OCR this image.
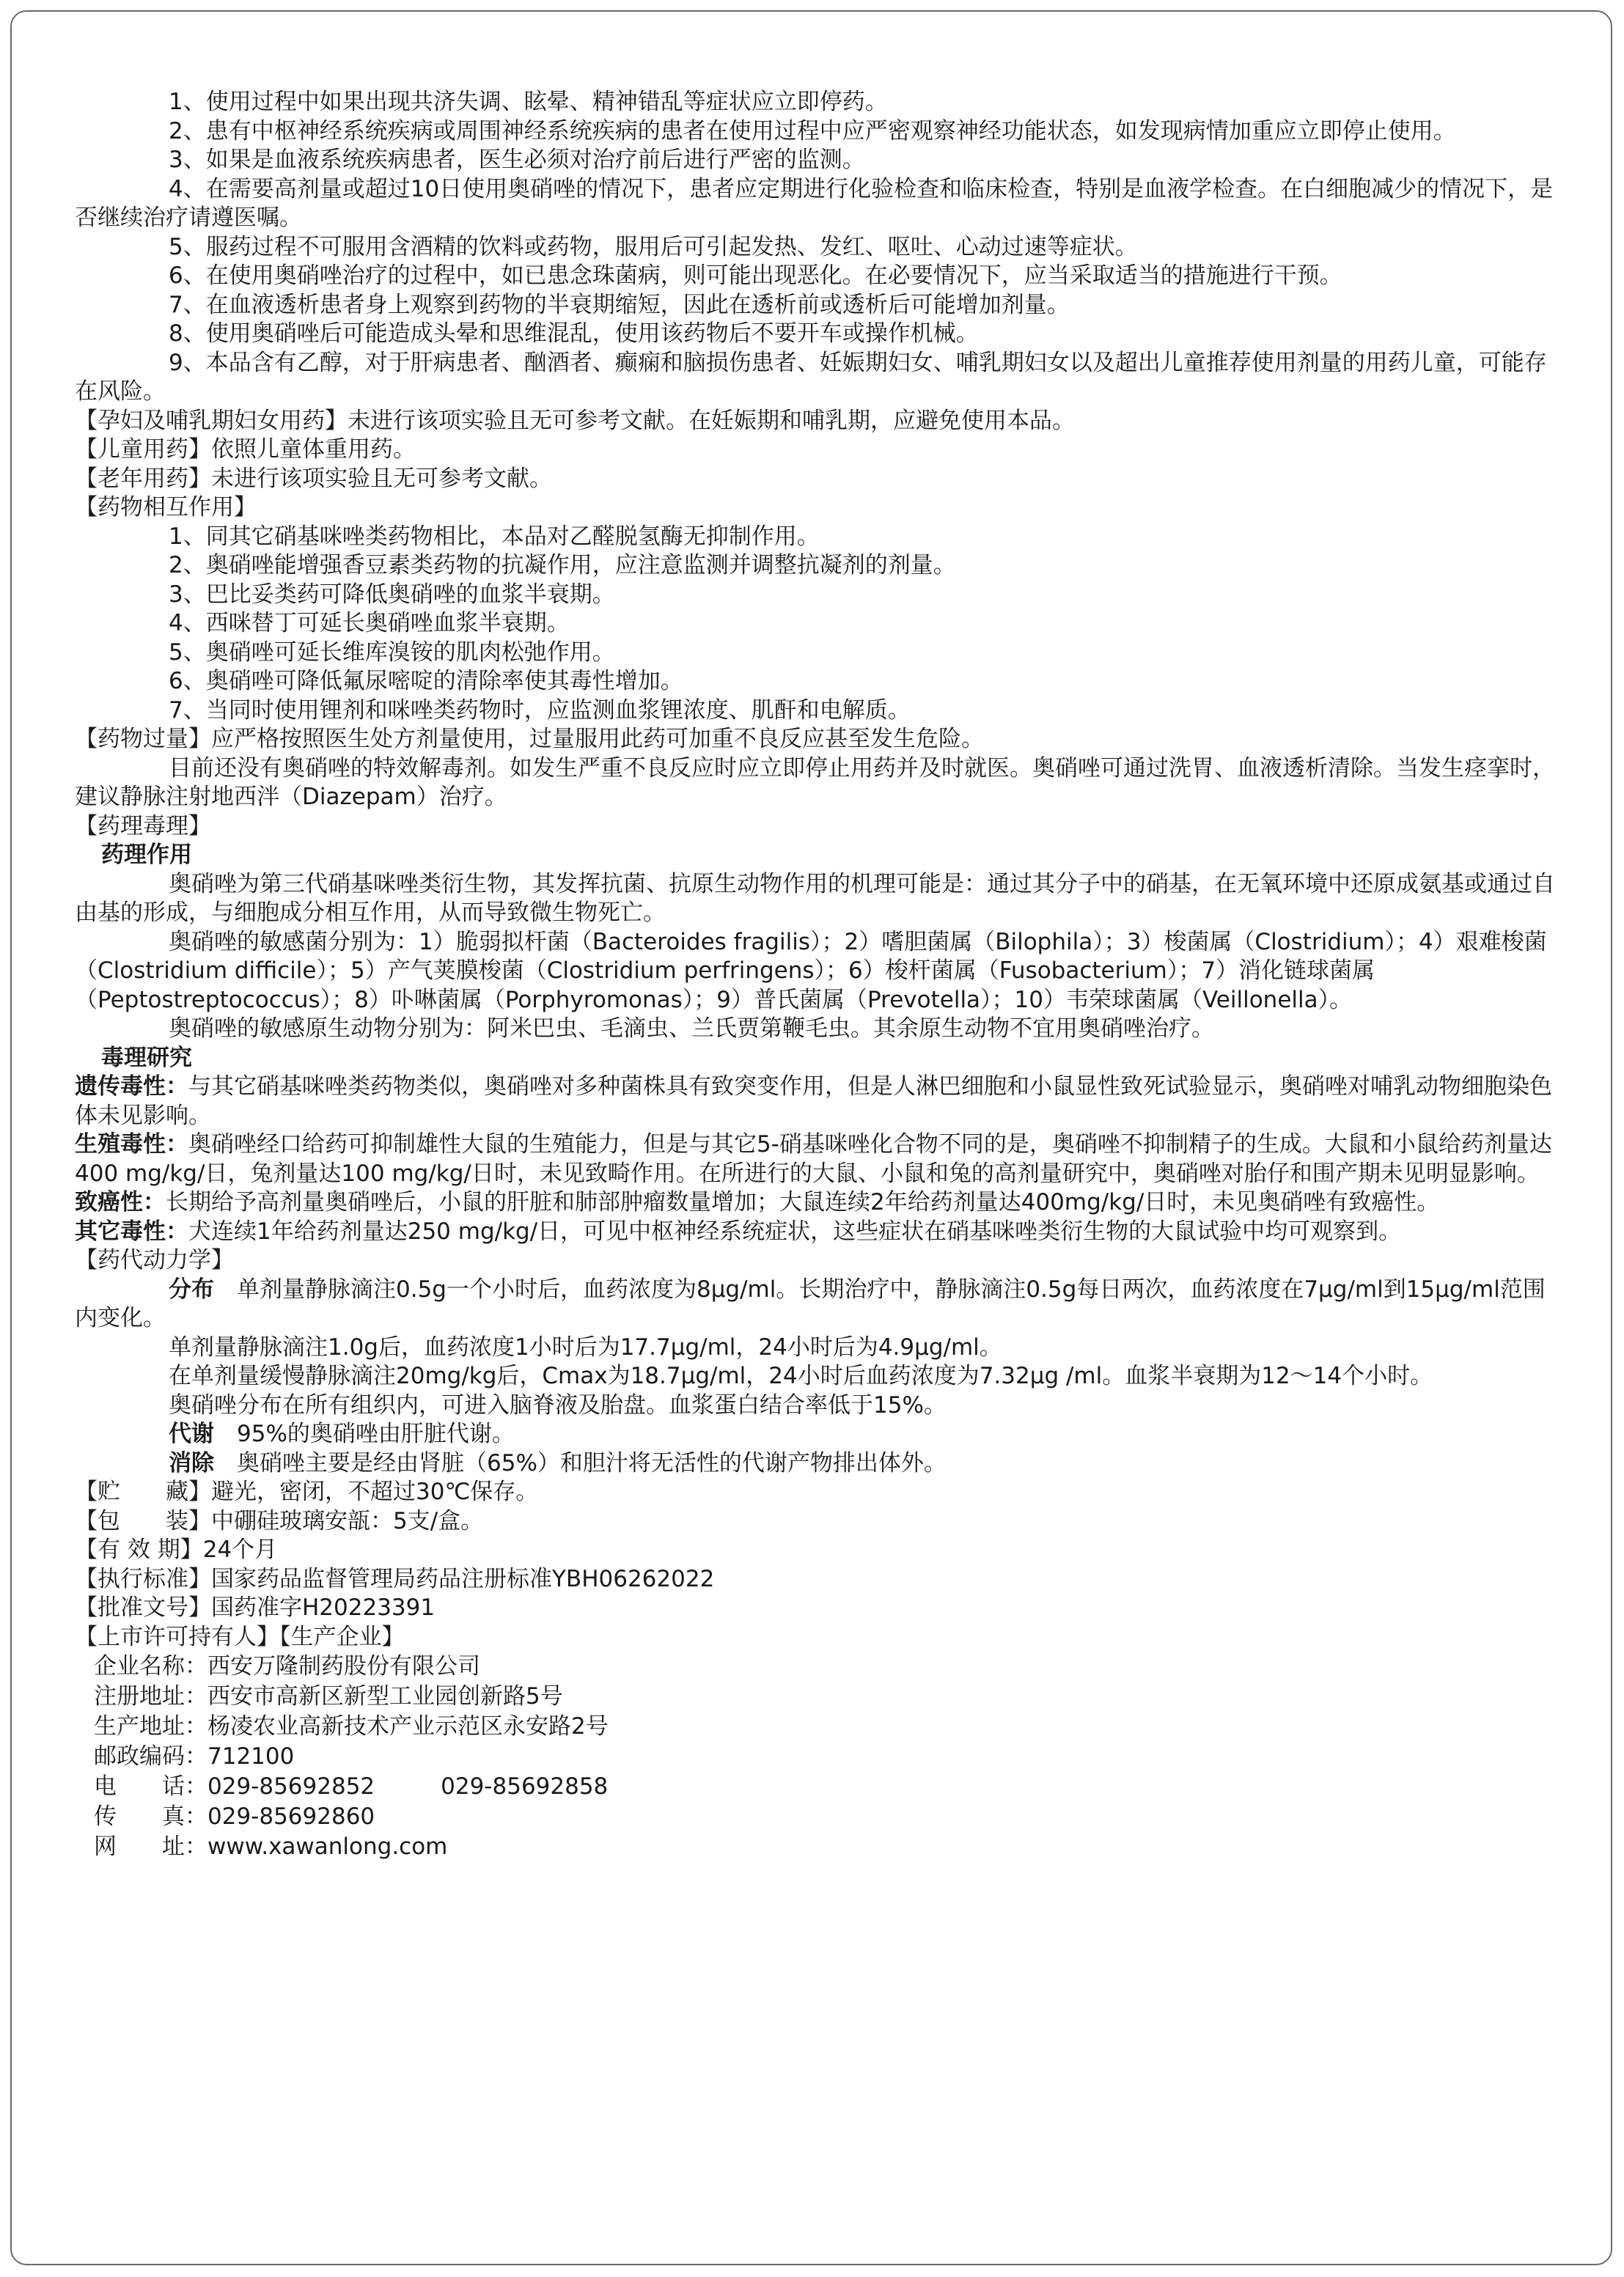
1、使用过程中如果出现共济失调、眩晕、精神错乱等症状应立即停药。

2、患有中枢神经系统疾病或周围神经系统疾病的患者在使用过程中应严密观察神经功能状态，如发现病情加重应立即停止使用。

3、如果是血液系统疾病患者，医生必须对治疗前后进行严密的监测。

4、在需要高剂量或超过10日使用奥硝唑的情况下，患者应定期进行化验检查和临床检查，特别是血液学检查。在白细胞减少的情况下，是否继续治疗请遵医嘱。

5、服药过程不可服用含酒精的饮料或药物，服用后可引起发热、发红、呕吐、心动过速等症状。

6、在使用奥硝唑治疗的过程中，如已患念珠菌病，则可能出现恶化。在必要情况下，应当采取适当的措施进行干预。

7、在血液透析患者身上观察到药物的半衰期缩短，因此在透析前或透析后可能增加剂量。

8、使用奥硝唑后可能造成头晕和思维混乱，使用该药物后不要开车或操作机械。

9、本品含有乙醇，对于肝病患者、酗酒者、癫痫和脑损伤患者、妊娠期妇女、哺乳期妇女以及超出儿童推荐使用剂量的用药儿童，可能存在风险。

【孕妇及哺乳期妇女用药】未进行该项实验且无可参考文献。在妊娠期和哺乳期，应避免使用本品。

【儿童用药】依照儿童体重用药。

【老年用药】未进行该项实验且无可参考文献。

【药物相互作用】

1、同其它硝基咪唑类药物相比，本品对乙醛脱氢酶无抑制作用。

2、奥硝唑能增强香豆素类药物的抗凝作用，应注意监测并调整抗凝剂的剂量。

3、巴比妥类药可降低奥硝唑的血浆半衰期。

4、西咪替丁可延长奥硝唑血浆半衰期。

5、奥硝唑可延长维库溴铵的肌肉松弛作用。

6、奥硝唑可降低氟尿嘧啶的清除率使其毒性增加。

7、当同时使用锂剂和咪唑类药物时，应监测血浆锂浓度、肌酐和电解质。

【药物过量】应严格按照医生处方剂量使用，过量服用此药可加重不良反应甚至发生危险。

目前还没有奥硝唑的特效解毒剂。如发生严重不良反应时应立即停止用药并及时就医。奥硝唑可通过洗胃、血液透析清除。当发生痉挛时，建议静脉注射地西泮（Diazepam）治疗。

【药理毒理】

药理作用

奥硝唑为第三代硝基咪唑类衍生物，其发挥抗菌、抗原生动物作用的机理可能是：通过其分子中的硝基，在无氧环境中还原成氨基或通过自由基的形成，与细胞成分相互作用，从而导致微生物死亡。

奥硝唑的敏感菌分别为：1）脆弱拟杆菌（Bacteroides fragilis）；2）嗜胆菌属（Bilophila）；3）梭菌属（Clostridium）；4）艰难梭菌（Clostridium difficile）；5）产气荚膜梭菌（Clostridium perfringens）；6）梭杆菌属（Fusobacterium）；7）消化链球菌属（Peptostreptococcus）；8）卟啉菌属（Porphyromonas）；9）普氏菌属（Prevotella）；10）韦荣球菌属（Veillonella）。

奥硝唑的敏感原生动物分别为：阿米巴虫、毛滴虫、兰氏贾第鞭毛虫。其余原生动物不宜用奥硝唑治疗。

毒理研究

遗传毒性：与其它硝基咪唑类药物类似，奥硝唑对多种菌株具有致突变作用，但是人淋巴细胞和小鼠显性致死试验显示，奥硝唑对哺乳动物细胞染色体未见影响。

生殖毒性：奥硝唑经口给药可抑制雄性大鼠的生殖能力，但是与其它5-硝基咪唑化合物不同的是，奥硝唑不抑制精子的生成。大鼠和小鼠给药剂量达400 mg/kg/日，兔剂量达100 mg/kg/日时，未见致畸作用。在所进行的大鼠、小鼠和兔的高剂量研究中，奥硝唑对胎仔和围产期未见明显影响。

致癌性：长期给予高剂量奥硝唑后，小鼠的肝脏和肺部肿瘤数量增加；大鼠连续2年给药剂量达400mg/kg/日时，未见奥硝唑有致癌性。

其它毒性：犬连续1年给药剂量达250 mg/kg/日，可见中枢神经系统症状，这些症状在硝基咪唑类衍生物的大鼠试验中均可观察到。

【药代动力学】

分布　 单剂量静脉滴注0.5g一个小时后，血药浓度为8μg/ml。长期治疗中，静脉滴注0.5g每日两次，血药浓度在7μg/ml到15μg/ml范围内变化。

单剂量静脉滴注1.0g后，血药浓度1小时后为17.7μg/ml，24小时后为4.9μg/ml。

在单剂量缓慢静脉滴注20mg/kg后，Cmax为18.7μg/ml，24小时后血药浓度为7.32μg /ml。血浆半衰期为12～14个小时。

奥硝唑分布在所有组织内，可进入脑脊液及胎盘。血浆蛋白结合率低于15%。

代谢　 95%的奥硝唑由肝脏代谢。

消除　 奥硝唑主要是经由肾脏（65%）和胆汁将无活性的代谢产物排出体外。

【贮　　藏】避光，密闭，不超过30℃保存。

【包　　装】中硼硅玻璃安瓿：5支/盒。

【有 效 期】24个月

【执行标准】国家药品监督管理局药品注册标准YBH06262022

【批准文号】国药准字H20223391

【上市许可持有人】【生产企业】

企业名称：西安万隆制药股份有限公司

注册地址：西安市高新区新型工业园创新路5号

生产地址：杨凌农业高新技术产业示范区永安路2号

邮政编码：712100

电　　话：029-85692852	029-85692858

传　　真：029-85692860

网　　址：www.xawanlong.com
